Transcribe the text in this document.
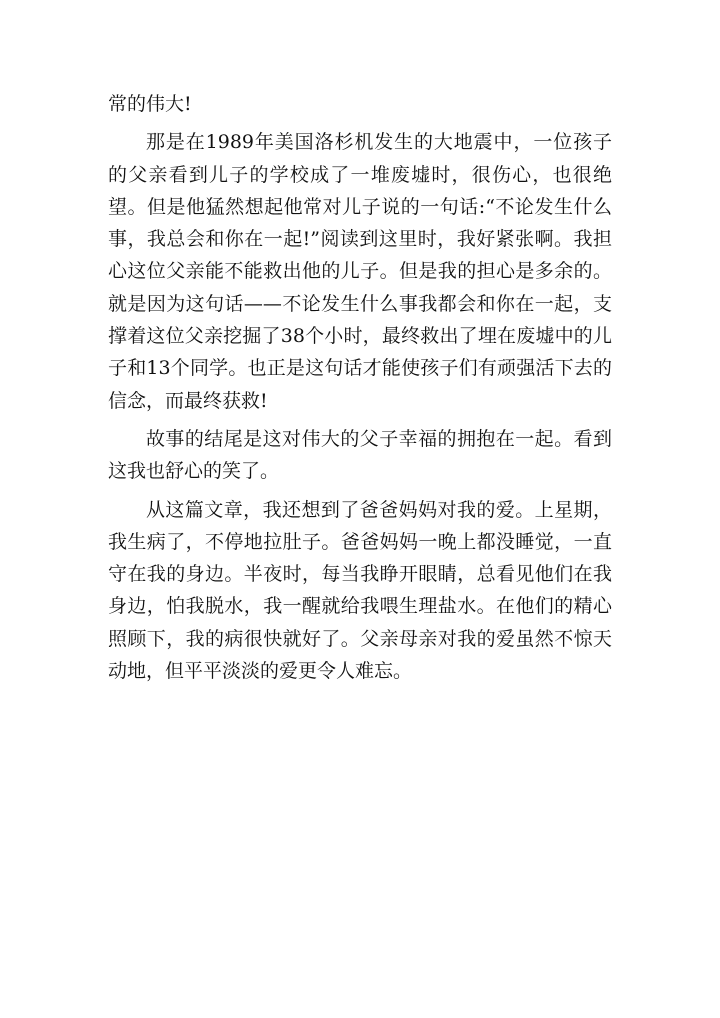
常的伟大!

那是在1989年美国洛杉机发生的大地震中，一位孩子的父亲看到儿子的学校成了一堆废墟时，很伤心，也很绝望。但是他猛然想起他常对儿子说的一句话:“不论发生什么事，我总会和你在一起!”阅读到这里时，我好紧张啊。我担心这位父亲能不能救出他的儿子。但是我的担心是多余的。就是因为这句话——不论发生什么事我都会和你在一起，支撑着这位父亲挖掘了38个小时，最终救出了埋在废墟中的儿子和13个同学。也正是这句话才能使孩子们有顽强活下去的信念，而最终获救!

故事的结尾是这对伟大的父子幸福的拥抱在一起。看到这我也舒心的笑了。

从这篇文章，我还想到了爸爸妈妈对我的爱。上星期，我生病了，不停地拉肚子。爸爸妈妈一晚上都没睡觉，一直守在我的身边。半夜时，每当我睁开眼睛，总看见他们在我身边，怕我脱水，我一醒就给我喂生理盐水。在他们的精心照顾下，我的病很快就好了。父亲母亲对我的爱虽然不惊天动地，但平平淡淡的爱更令人难忘。
